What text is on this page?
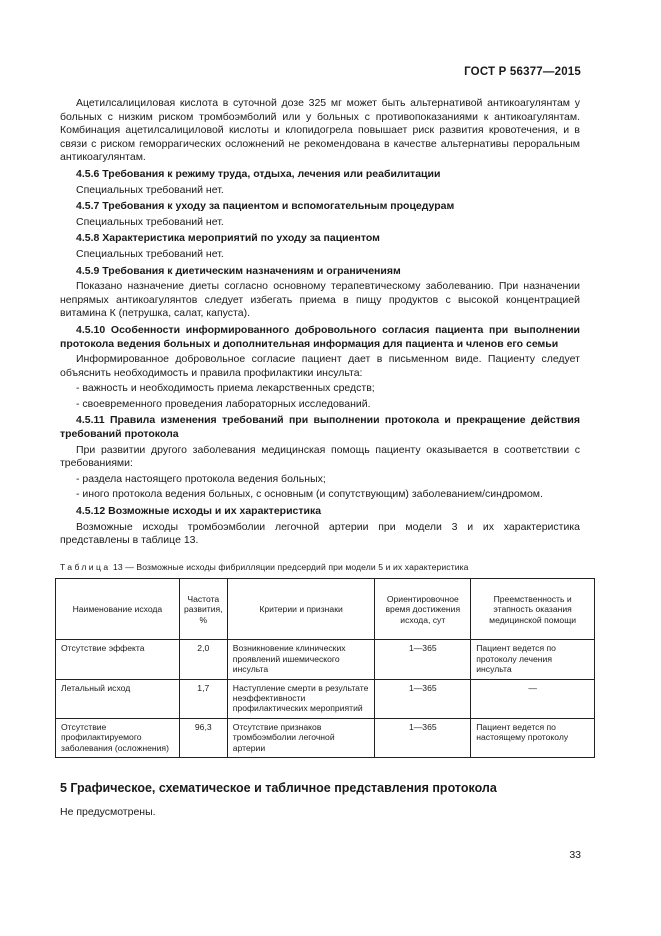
ГОСТ Р 56377—2015

Ацетилсалициловая кислота в суточной дозе 325 мг может быть альтернативой антикоагулянтам у больных с низким риском тромбоэмболий или у больных с противопоказаниями к антикоагулянтам. Комбинация ацетилсалициловой кислоты и клопидогрела повышает риск развития кровотечения, и в связи с риском геморрагических осложнений не рекомендована в качестве альтернативы пероральным антикоагулянтам.

4.5.6 Требования к режиму труда, отдыха, лечения или реабилитации

Специальных требований нет.

4.5.7 Требования к уходу за пациентом и вспомогательным процедурам

Специальных требований нет.

4.5.8 Характеристика мероприятий по уходу за пациентом

Специальных требований нет.

4.5.9 Требования к диетическим назначениям и ограничениям

Показано назначение диеты согласно основному терапевтическому заболеванию. При назначении непрямых антикоагулянтов следует избегать приема в пищу продуктов с высокой концентрацией витамина К (петрушка, салат, капуста).

4.5.10 Особенности информированного добровольного согласия пациента при выполнении протокола ведения больных и дополнительная информация для пациента и членов его семьи

Информированное добровольное согласие пациент дает в письменном виде. Пациенту следует объяснить необходимость и правила профилактики инсульта:

- важность и необходимость приема лекарственных средств;

- своевременного проведения лабораторных исследований.

4.5.11 Правила изменения требований при выполнении протокола и прекращение действия требований протокола

При развитии другого заболевания медицинская помощь пациенту оказывается в соответствии с требованиями:

- раздела настоящего протокола ведения больных;

- иного протокола ведения больных, с основным (и сопутствующим) заболеванием/синдромом.

4.5.12 Возможные исходы и их характеристика

Возможные исходы тромбоэмболии легочной артерии при модели 3 и их характеристика представлены в таблице 13.

Таблица 13 — Возможные исходы фибрилляции предсердий при модели 5 и их характеристика
Наименование исхода	Частота развития, %	Критерии и признаки	Ориентировочное время достижения исхода, сут	Преемственность и этапность оказания медицинской помощи
Отсутствие эффекта	2,0	Возникновение клинических проявлений ишемического инсульта	1—365	Пациент ведется по протоколу лечения инсульта
Летальный исход	1,7	Наступление смерти в результате неэффективности профилактических мероприятий	1—365	—
Отсутствие профилактируемого заболевания (осложнения)	96,3	Отсутствие признаков тромбоэмболии легочной артерии	1—365	Пациент ведется по настоящему протоколу

5 Графическое, схематическое и табличное представления протокола

Не предусмотрены.

33
